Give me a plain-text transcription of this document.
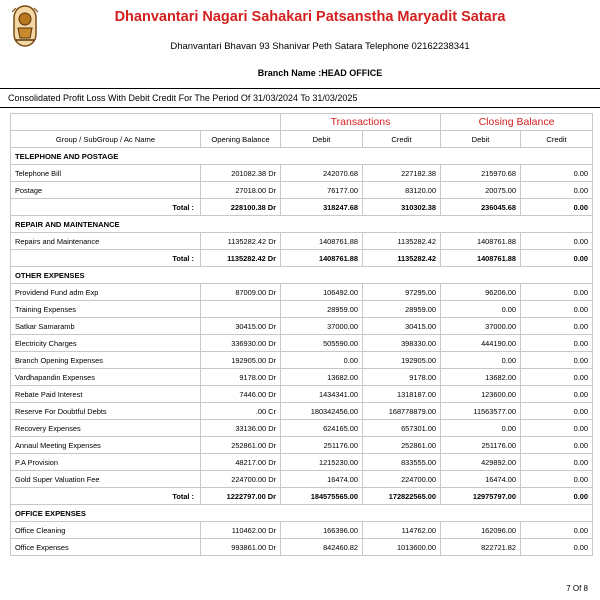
Dhanvantari Nagari Sahakari Patsanstha Maryadit Satara
Dhanvantari Bhavan 93 Shanivar Peth Satara Telephone 02162238341
Branch Name :HEAD OFFICE
Consolidated Profit Loss With Debit Credit For The Period Of 31/03/2024 To 31/03/2025
		Transactions		Closing Balance	
Group / SubGroup / Ac Name	Opening Balance	Debit	Credit	Debit	Credit
TELEPHONE AND POSTAGE					
Telephone Bill	201082.38 Dr	242070.68	227182.38	215970.68	0.00
Postage	27018.00 Dr	76177.00	83120.00	20075.00	0.00
Total :	228100.38 Dr	318247.68	310302.38	236045.68	0.00
REPAIR AND MAINTENANCE					
Repairs and Maintenance	1135282.42 Dr	1408761.88	1135282.42	1408761.88	0.00
Total :	1135282.42 Dr	1408761.88	1135282.42	1408761.88	0.00
OTHER EXPENSES					
Providend Fund adm Exp	87009.00 Dr	106492.00	97295.00	96206.00	0.00
Training Expenses		28959.00	28959.00	0.00	0.00
Satkar Samaramb	30415.00 Dr	37000.00	30415.00	37000.00	0.00
Electricity Charges	336930.00 Dr	505590.00	398330.00	444190.00	0.00
Branch Opening Expenses	192905.00 Dr	0.00	192905.00	0.00	0.00
Vardhapandin Expenses	9178.00 Dr	13682.00	9178.00	13682.00	0.00
Rebate Paid Interest	7446.00 Dr	1434341.00	1318187.00	123600.00	0.00
Reserve For Doubtful Debts	.00 Cr	180342456.00	168778879.00	11563577.00	0.00
Recovery Expenses	33136.00 Dr	624165.00	657301.00	0.00	0.00
Annaul Meeting Expenses	252861.00 Dr	251176.00	252861.00	251176.00	0.00
P.A Provision	48217.00 Dr	1215230.00	833555.00	429892.00	0.00
Gold Super Valuation Fee	224700.00 Dr	16474.00	224700.00	16474.00	0.00
Total :	1222797.00 Dr	184575565.00	172822565.00	12975797.00	0.00
OFFICE EXPENSES					
Office Cleaning	110462.00 Dr	166396.00	114762.00	162096.00	0.00
Office Expenses	993861.00 Dr	842460.82	1013600.00	822721.82	0.00
7 Of 8
